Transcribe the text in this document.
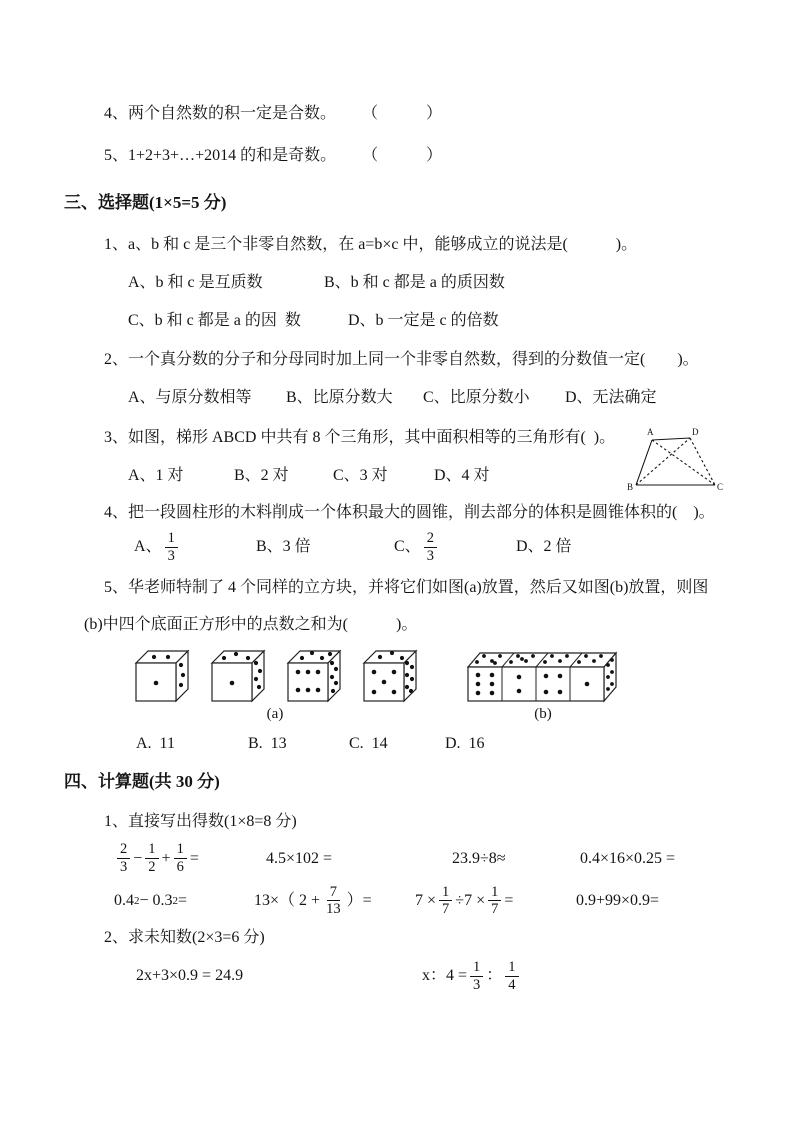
4、两个自然数的积一定是合数。 （　　　）

5、1+2+3+…+2014 的和是奇数。 （　　　）

三、选择题(1×5=5 分)

1、a、b 和 c 是三个非零自然数，在 a=b×c 中，能够成立的说法是(　　　)。

A、b 和 c 是互质数	B、b 和 c 都是 a 的质因数

C、b 和 c 都是 a 的因  数	D、b 一定是 c 的倍数

2、一个真分数的分子和分母同时加上同一个非零自然数，得到的分数值一定(　　)。

A、与原分数相等 B、比原分数大 C、比原分数小 D、无法确定

3、如图，梯形 ABCD 中共有 8 个三角形，其中面积相等的三角形有(  )。

A、1 对	B、2 对	C、3 对	D、4 对

A	D
B	C

4、把一段圆柱形的木料削成一个体积最大的圆锥，削去部分的体积是圆锥体积的(　)。

A、 $\frac{1}{3}$	B、3 倍	C、 $\frac{2}{3}$	D、2 倍

5、华老师特制了 4 个同样的立方块，并将它们如图(a)放置，然后又如图(b)放置，则图

(b)中四个底面正方形中的点数之和为(　　　)。

(a)	(b)

A.  11	B.  13	C.  14	D.  16

四、计算题(共 30 分)

1、直接写出得数(1×8=8 分)

$\frac{2}{3} - \frac{1}{2} + \frac{1}{6}$ =	4.5×102 =	23.9÷8≈	0.4×16×0.25 =
0.4 2 − 0.3 2 =	13×（ $2 + \frac{7}{13}$ ）=	$7 \times \frac{1}{7} \div 7 \times \frac{1}{7}$ =	0.9+99×0.9=

2、求未知数(2×3=6 分)

2x+3×0.9 = 24.9	x：$4 = \frac{1}{3}$ ： $\frac{1}{4}$
